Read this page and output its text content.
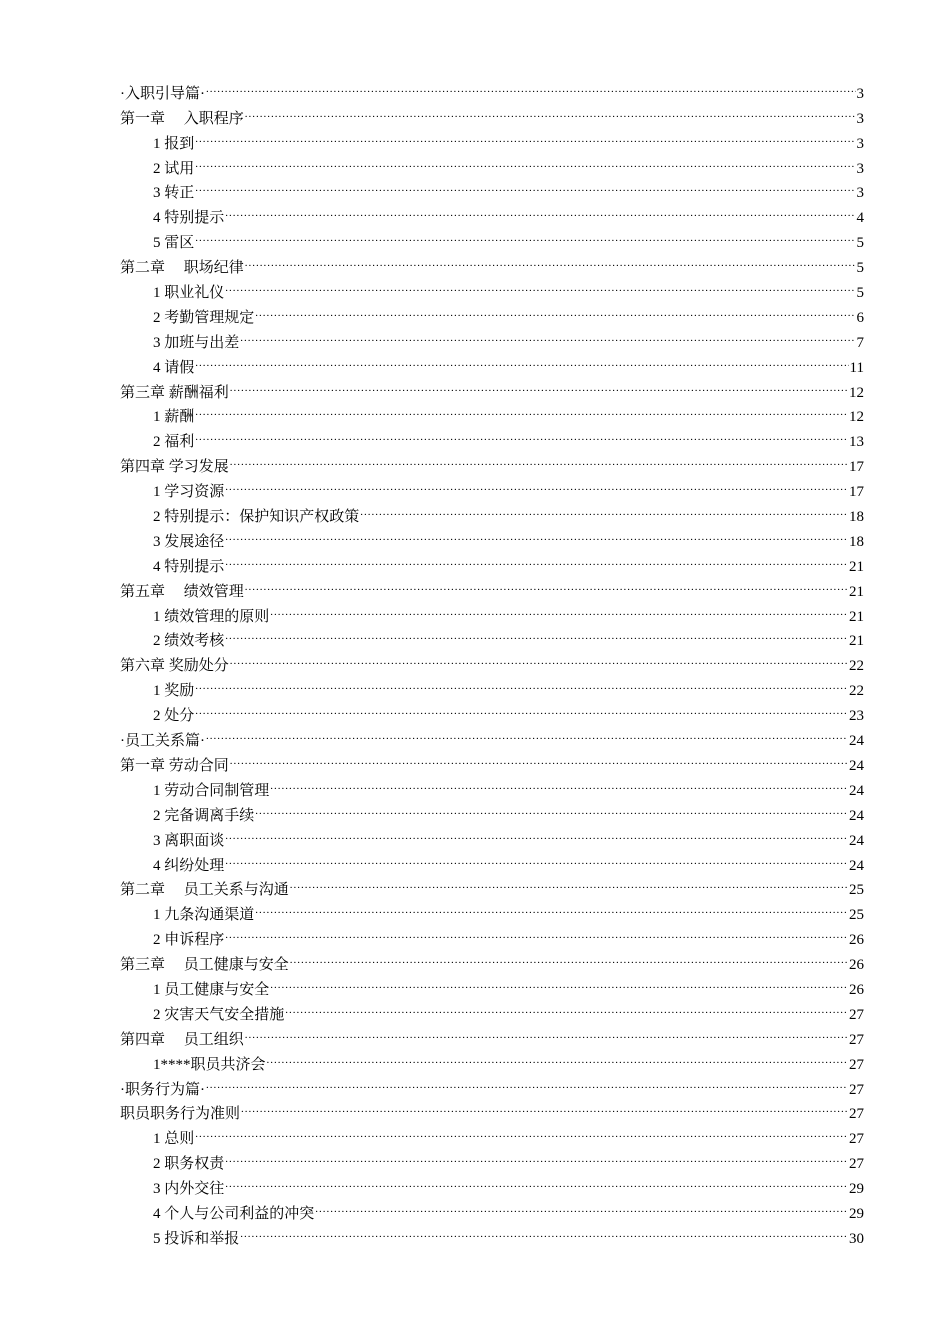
·入职引导篇· .....	3
第一章　 入职程序 .....	3
1 报到 .....	3
2 试用 .....	3
3 转正 .....	3
4 特别提示 .....	4
5 雷区 .....	5
第二章　 职场纪律 .....	5
1 职业礼仪 .....	5
2 考勤管理规定 .....	6
3 加班与出差 .....	7
4 请假 .....	11
第三章 薪酬福利 .....	12
1 薪酬 .....	12
2 福利 .....	13
第四章 学习发展 .....	17
1 学习资源 .....	17
2 特别提示：保护知识产权政策 .....	18
3 发展途径 .....	18
4 特别提示 .....	21
第五章　 绩效管理 .....	21
1 绩效管理的原则 .....	21
2 绩效考核 .....	21
第六章 奖励处分 .....	22
1 奖励 .....	22
2 处分 .....	23
·员工关系篇· .....	24
第一章 劳动合同 .....	24
1 劳动合同制管理 .....	24
2 完备调离手续 .....	24
3 离职面谈 .....	24
4 纠纷处理 .....	24
第二章　 员工关系与沟通 .....	25
1 九条沟通渠道 .....	25
2 申诉程序 .....	26
第三章　 员工健康与安全 .....	26
1 员工健康与安全 .....	26
2 灾害天气安全措施 .....	27
第四章　 员工组织 .....	27
1****职员共济会 .....	27
·职务行为篇· .....	27
职员职务行为准则 .....	27
1 总则 .....	27
2 职务权责 .....	27
3 内外交往 .....	29
4 个人与公司利益的冲突 .....	29
5 投诉和举报 .....	30
